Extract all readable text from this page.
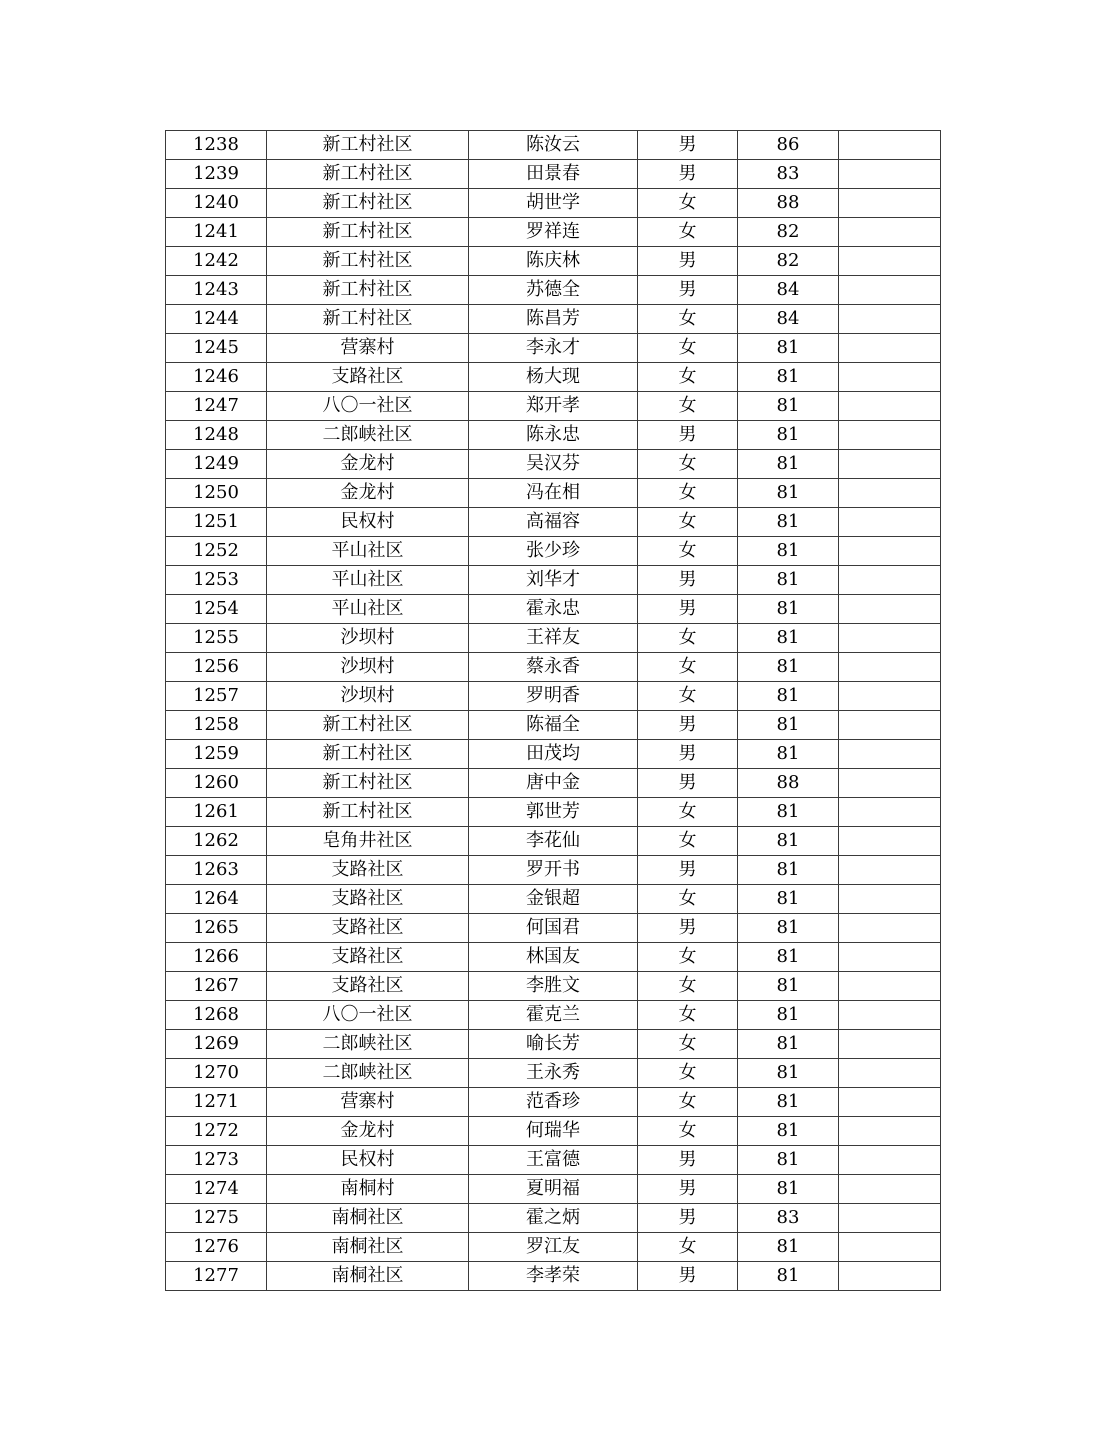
1238	新工村社区	陈汝云	男	86	
1239	新工村社区	田景春	男	83	
1240	新工村社区	胡世学	女	88	
1241	新工村社区	罗祥连	女	82	
1242	新工村社区	陈庆林	男	82	
1243	新工村社区	苏德全	男	84	
1244	新工村社区	陈昌芳	女	84	
1245	营寨村	李永才	女	81	
1246	支路社区	杨大现	女	81	
1247	八〇一社区	郑开孝	女	81	
1248	二郎峡社区	陈永忠	男	81	
1249	金龙村	吴汉芬	女	81	
1250	金龙村	冯在相	女	81	
1251	民权村	高福容	女	81	
1252	平山社区	张少珍	女	81	
1253	平山社区	刘华才	男	81	
1254	平山社区	霍永忠	男	81	
1255	沙坝村	王祥友	女	81	
1256	沙坝村	蔡永香	女	81	
1257	沙坝村	罗明香	女	81	
1258	新工村社区	陈福全	男	81	
1259	新工村社区	田茂均	男	81	
1260	新工村社区	唐中金	男	88	
1261	新工村社区	郭世芳	女	81	
1262	皂角井社区	李花仙	女	81	
1263	支路社区	罗开书	男	81	
1264	支路社区	金银超	女	81	
1265	支路社区	何国君	男	81	
1266	支路社区	林国友	女	81	
1267	支路社区	李胜文	女	81	
1268	八〇一社区	霍克兰	女	81	
1269	二郎峡社区	喻长芳	女	81	
1270	二郎峡社区	王永秀	女	81	
1271	营寨村	范香珍	女	81	
1272	金龙村	何瑞华	女	81	
1273	民权村	王富德	男	81	
1274	南桐村	夏明福	男	81	
1275	南桐社区	霍之炳	男	83	
1276	南桐社区	罗江友	女	81	
1277	南桐社区	李孝荣	男	81	
